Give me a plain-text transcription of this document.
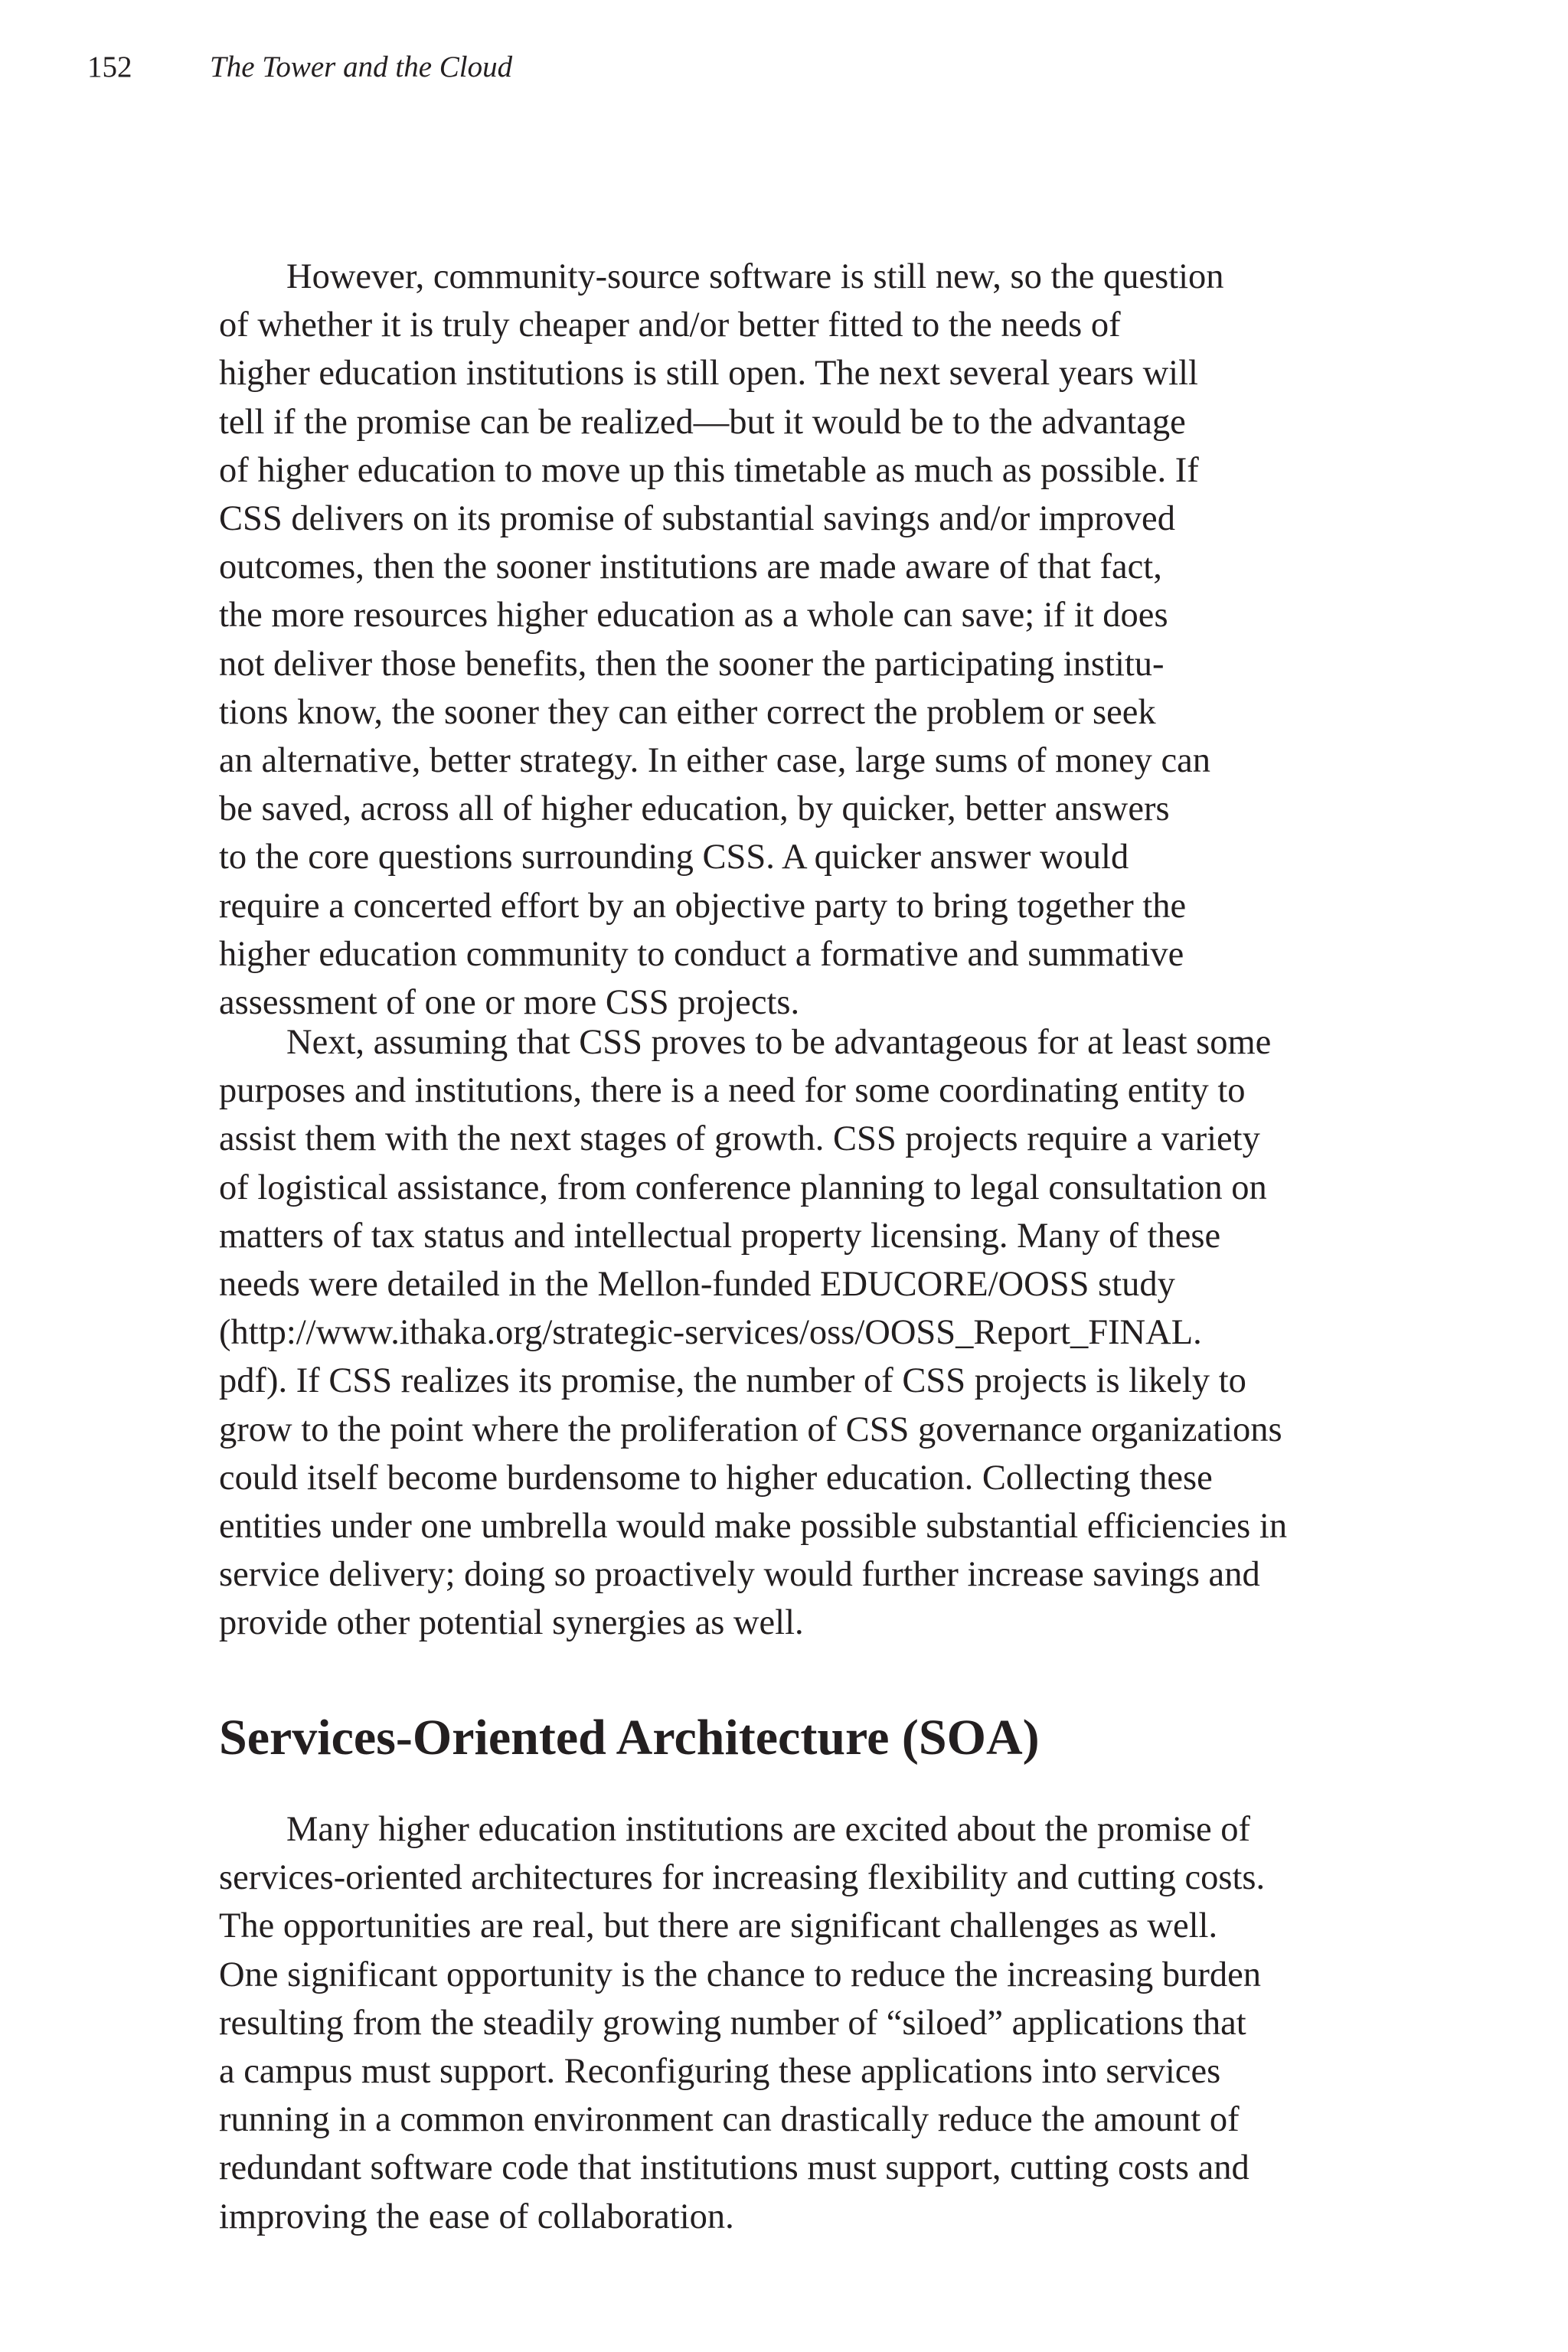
152	The Tower and the Cloud
However, community-source software is still new, so the question
of whether it is truly cheaper and/or better fitted to the needs of
higher education institutions is still open. The next several years will
tell if the promise can be realized—but it would be to the advantage
of higher education to move up this timetable as much as possible. If
CSS delivers on its promise of substantial savings and/or improved
outcomes, then the sooner institutions are made aware of that fact,
the more resources higher education as a whole can save; if it does
not deliver those benefits, then the sooner the participating institu-
tions know, the sooner they can either correct the problem or seek
an alternative, better strategy. In either case, large sums of money can
be saved, across all of higher education, by quicker, better answers
to the core questions surrounding CSS. A quicker answer would
require a concerted effort by an objective party to bring together the
higher education community to conduct a formative and summative
assessment of one or more CSS projects.
Next, assuming that CSS proves to be advantageous for at least some
purposes and institutions, there is a need for some coordinating entity to
assist them with the next stages of growth. CSS projects require a variety
of logistical assistance, from conference planning to legal consultation on
matters of tax status and intellectual property licensing. Many of these
needs were detailed in the Mellon-funded EDUCORE/OOSS study
(http://www.ithaka.org/strategic-services/oss/OOSS_Report_FINAL.
pdf). If CSS realizes its promise, the number of CSS projects is likely to
grow to the point where the proliferation of CSS governance organizations
could itself become burdensome to higher education. Collecting these
entities under one umbrella would make possible substantial efficiencies in
service delivery; doing so proactively would further increase savings and
provide other potential synergies as well.
Services-Oriented Architecture (SOA)
Many higher education institutions are excited about the promise of
services-oriented architectures for increasing flexibility and cutting costs.
The opportunities are real, but there are significant challenges as well.
One significant opportunity is the chance to reduce the increasing burden
resulting from the steadily growing number of “siloed” applications that
a campus must support. Reconfiguring these applications into services
running in a common environment can drastically reduce the amount of
redundant software code that institutions must support, cutting costs and
improving the ease of collaboration.
